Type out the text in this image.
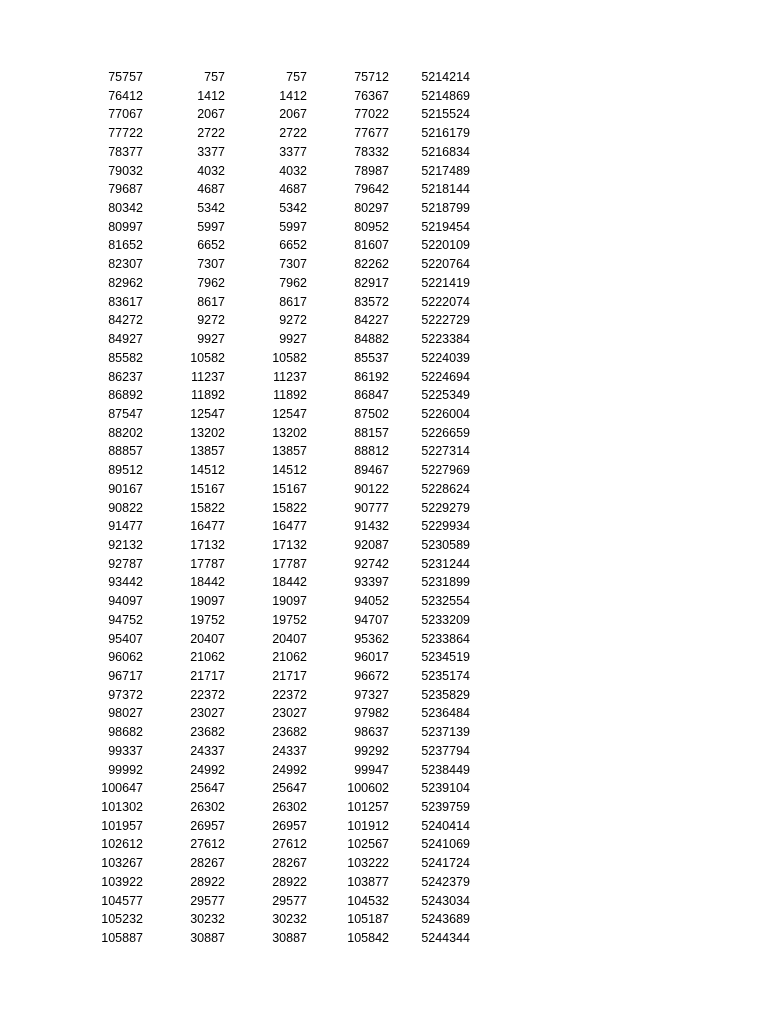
75757	757	757	75712	5214214
76412	1412	1412	76367	5214869
77067	2067	2067	77022	5215524
77722	2722	2722	77677	5216179
78377	3377	3377	78332	5216834
79032	4032	4032	78987	5217489
79687	4687	4687	79642	5218144
80342	5342	5342	80297	5218799
80997	5997	5997	80952	5219454
81652	6652	6652	81607	5220109
82307	7307	7307	82262	5220764
82962	7962	7962	82917	5221419
83617	8617	8617	83572	5222074
84272	9272	9272	84227	5222729
84927	9927	9927	84882	5223384
85582	10582	10582	85537	5224039
86237	11237	11237	86192	5224694
86892	11892	11892	86847	5225349
87547	12547	12547	87502	5226004
88202	13202	13202	88157	5226659
88857	13857	13857	88812	5227314
89512	14512	14512	89467	5227969
90167	15167	15167	90122	5228624
90822	15822	15822	90777	5229279
91477	16477	16477	91432	5229934
92132	17132	17132	92087	5230589
92787	17787	17787	92742	5231244
93442	18442	18442	93397	5231899
94097	19097	19097	94052	5232554
94752	19752	19752	94707	5233209
95407	20407	20407	95362	5233864
96062	21062	21062	96017	5234519
96717	21717	21717	96672	5235174
97372	22372	22372	97327	5235829
98027	23027	23027	97982	5236484
98682	23682	23682	98637	5237139
99337	24337	24337	99292	5237794
99992	24992	24992	99947	5238449
100647	25647	25647	100602	5239104
101302	26302	26302	101257	5239759
101957	26957	26957	101912	5240414
102612	27612	27612	102567	5241069
103267	28267	28267	103222	5241724
103922	28922	28922	103877	5242379
104577	29577	29577	104532	5243034
105232	30232	30232	105187	5243689
105887	30887	30887	105842	5244344
